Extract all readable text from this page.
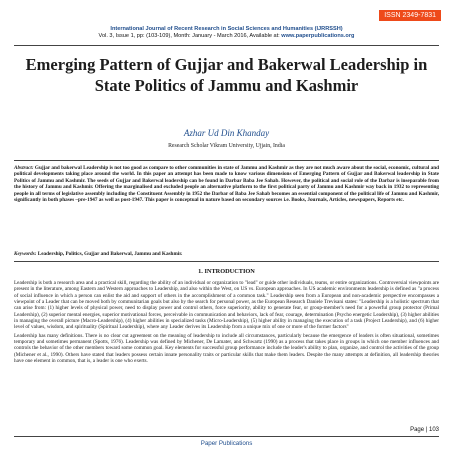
ISSN 2349-7831
International Journal of Recent Research in Social Sciences and Humanities (IJRRSSH)
Vol. 3, Issue 1, pp: (103-109), Month: January - March 2016, Available at: www.paperpublications.org
Emerging Pattern of Gujjar and Bakerwal Leadership in State Politics of Jammu and Kashmir
Azhar Ud Din Khanday
Research Scholar Vikram University, Ujjain, India
Abstract: Gujjar and bakerwal Leadership is not too good as compare to other communities in state of Jammu and Kashmir as they are not much aware about the social, economic, cultural and political developments taking place around the world. In this paper an attempt has been made to know various dimensions of Emerging Pattern of Gujjar and Bakerwal leadership in State Politics of Jammu and Kashmir. The seeds of Gujjar and Bakerwal leadership can be found in Darbar Baba Jee Sahab. However, the political and social role of the Darbar is inseparable from the history of Jammu and Kashmir. Offering the marginalised and excluded people an alternative platform to the first political party of Jammu and Kashmir way back in 1932 to representing people in all terms of legislative assembly including the Constituent Assembly in 1952 the Darbar of Baba Jee Sahab becomes an essential component of the political life of Jammu and Kashmir, significantly in both phases –pre-1947 as well as post-1947. This paper is conceptual in nature based on secondary sources i.e. Books, Journals, Articles, newspapers, Reports etc.
Keywords: Leadership, Politics, Gujjar and Bakerwal, Jammu and Kashmir.
1. INTRODUCTION

Leadership is both a research area and a practical skill, regarding the ability of an individual or organization to "lead" or guide other individuals, teams, or entire organizations. Controversial viewpoints are present in the literature, among Eastern and Western approaches to Leadership, and also within the West, on US vs. European approaches. In US academic environments leadership is defined as "a process of social influence in which a person can enlist the aid and support of others in the accomplishment of a common task." Leadership seen from a European and non-academic perspective encompasses a viewpoint of a Leader that can be moved both by communitarian goals but also by the search for personal power, as the European Research Daniele Trevisani states: "Leadership is a holistic spectrum that can arise from: (1) higher levels of physical power, need to display power and control others, force superiority, ability to generate fear, or group-member's need for a powerful group protector (Primal Leadership), (2) superior mental energies, superior motivational forces, perceivable in communication and behaviors, lack of fear, courage, determination (Psycho energetic Leadership), (3) higher abilities in managing the overall picture (Macro-Leadership), (4) higher abilities in specialized tasks (Micro-Leadership), (5) higher ability in managing the execution of a task (Project Leadership), and (6) higher level of values, wisdom, and spirituality (Spiritual Leadership), where any Leader derives its Leadership from a unique mix of one or more of the former factors"

Leadership has many definitions. There is no clear cut agreement on the meaning of leadership to include all circumstances, particularly because the emergence of leaders is often situational, sometimes temporary and sometimes permanent (Spotts, 1976). Leadership was defined by Michener, De Lamater, and Schwartz (1990) as a process that takes place in groups in which one member influences and controls the behavior of the other members toward some common goal. Key elements for successful group performance include the leader's ability to plan, organize, and control the activities of the group (Michener et al., 1990). Others have stated that leaders possess certain innate personality traits or particular skills that make them leaders. Despite the many attempts at definition, all leadership theories have one element in common, that is, a leader is one who exerts.

Page | 103
Paper Publications
